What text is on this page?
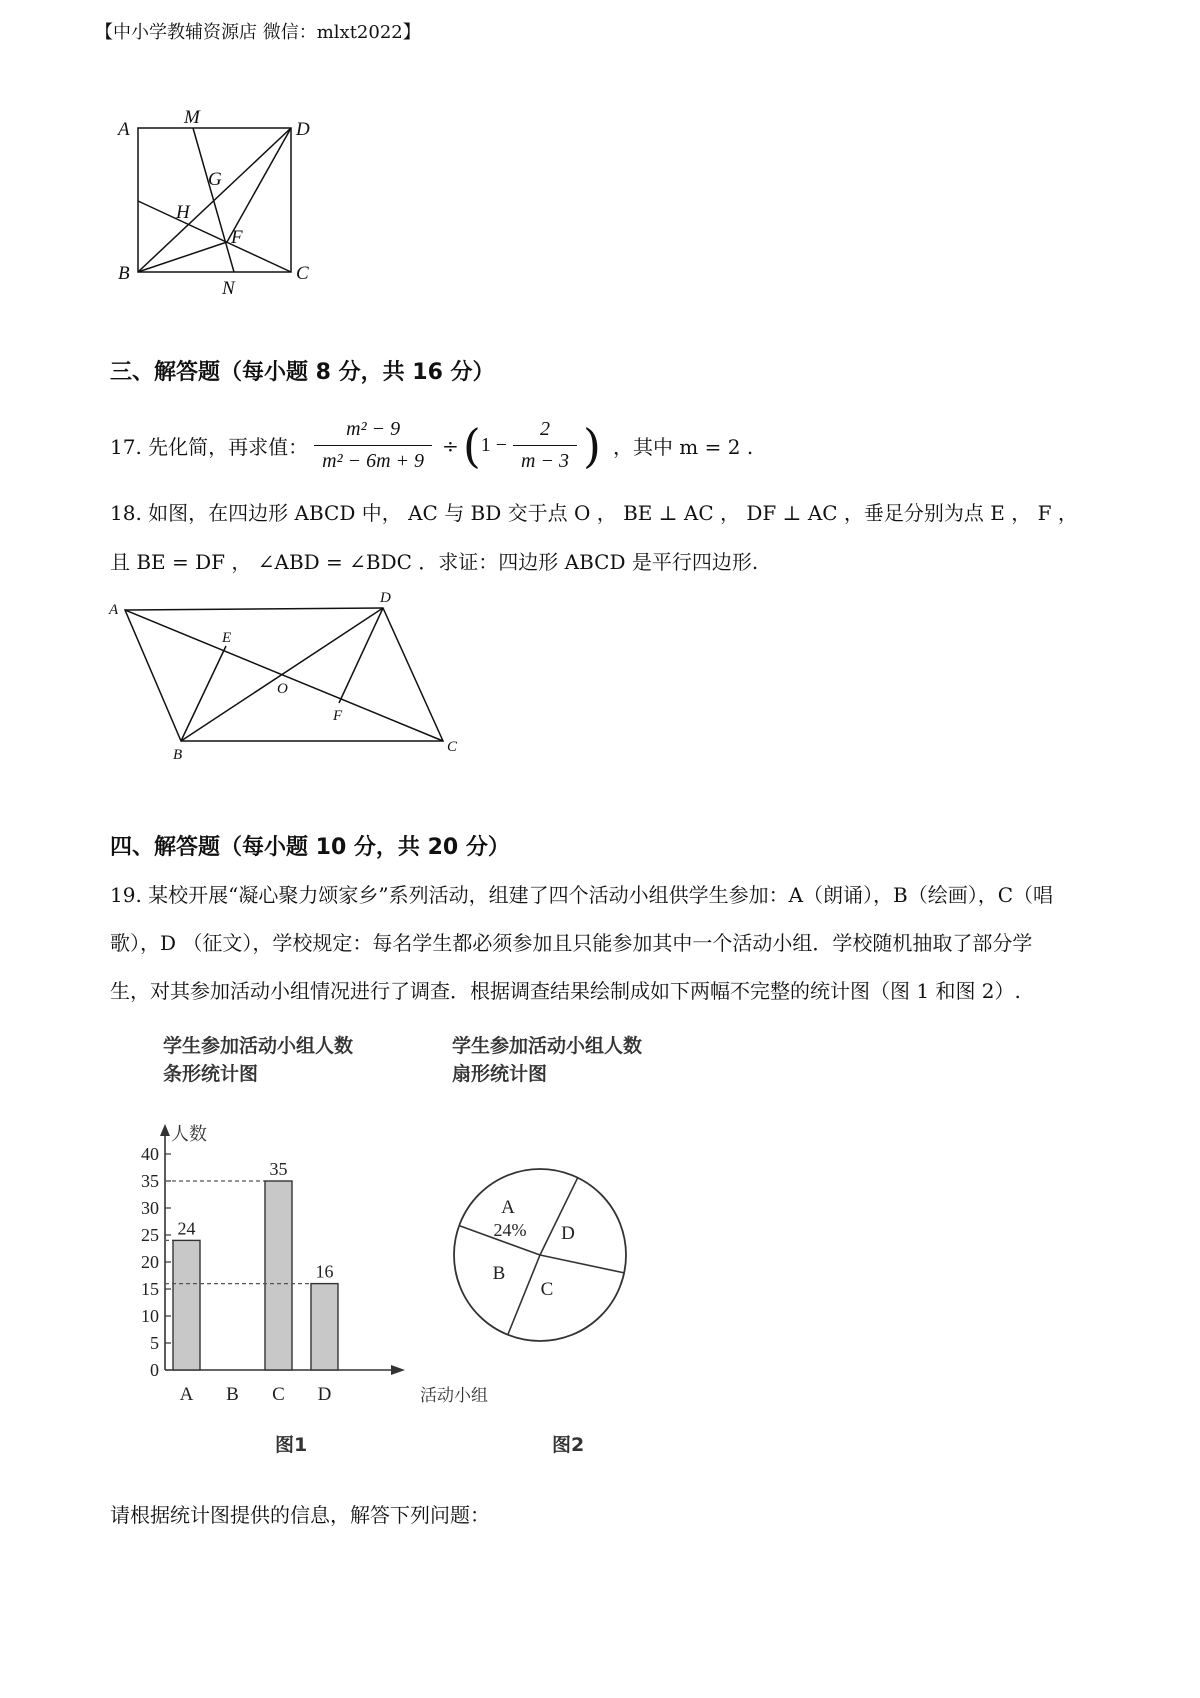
【中小学教辅资源店 微信：mlxt2022】
A
M
D
G
H
F
B
N
C
三、解答题（每小题 8 分，共 16 分）
17. 先化简，再求值： $\frac{\text{m² − 9}}{\text{m² − 6m + 9}}$ ÷ ( $1 - \frac{2}{m - 3}$ ) ，其中 m = 2 .
18. 如图，在四边形 ABCD 中， AC 与 BD 交于点 O ， BE ⊥ AC ， DF ⊥ AC ，垂足分别为点 E ， F ，
且 BE = DF ， ∠ABD = ∠BDC ．求证：四边形 ABCD 是平行四边形.
A
D
E
O
F
B	C
四、解答题（每小题 10 分，共 20 分）
19. 某校开展“凝心聚力颂家乡”系列活动，组建了四个活动小组供学生参加：A（朗诵），B（绘画），C（唱
歌），D （征文），学校规定：每名学生都必须参加且只能参加其中一个活动小组．学校随机抽取了部分学
生，对其参加活动小组情况进行了调查．根据调查结果绘制成如下两幅不完整的统计图（图 1 和图 2）.
学生参加活动小组人数
条形统计图
学生参加活动小组人数
扇形统计图
人数
活动小组
0
5
10
15
20
25
30
35
40
24
A B
35
C
16
D
A
24% D
C
B
图1	图2
请根据统计图提供的信息，解答下列问题：
